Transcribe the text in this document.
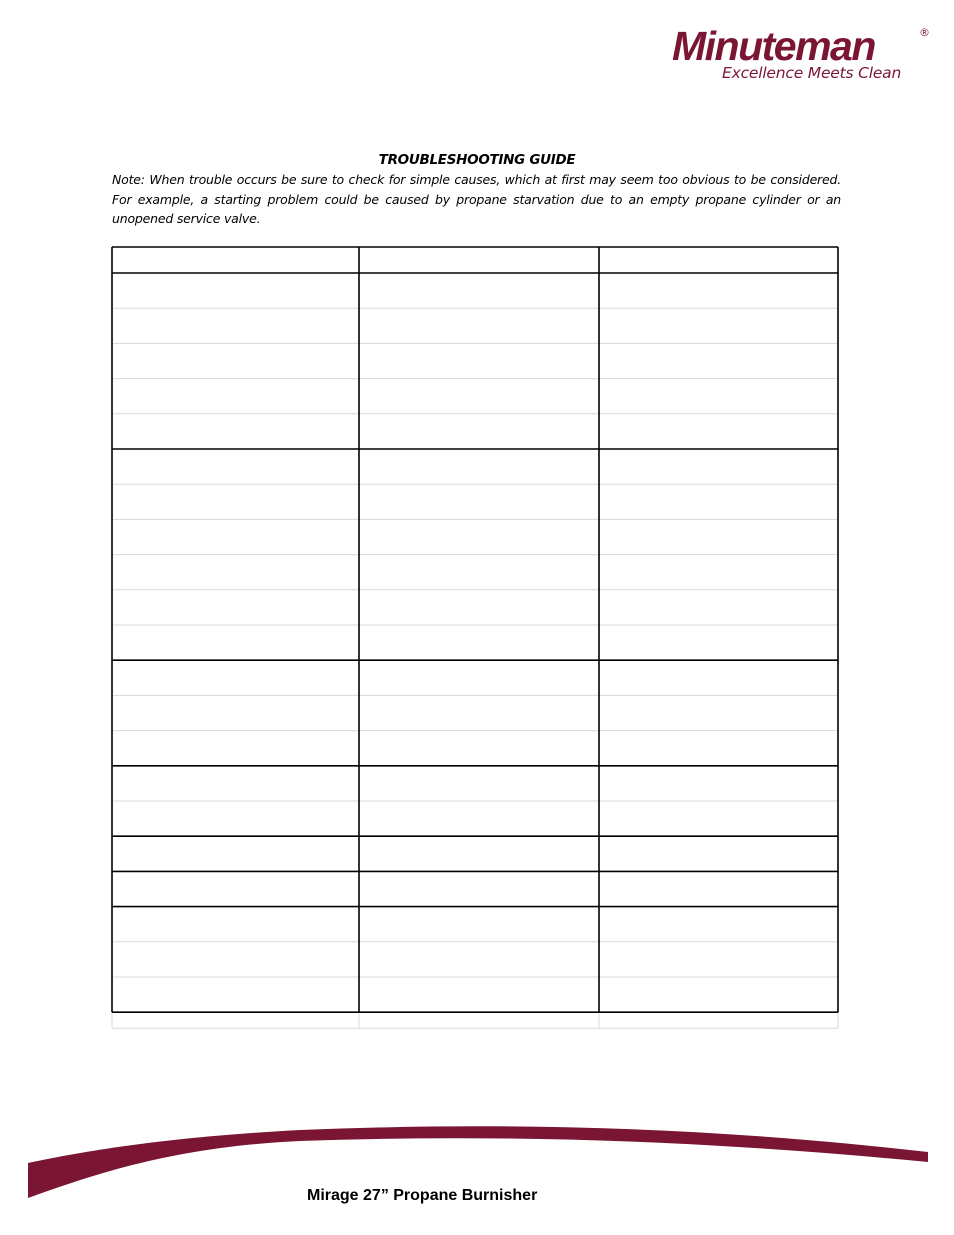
Minuteman	®
Excellence Meets Clean
TROUBLESHOOTING GUIDE
Note: When trouble occurs be sure to check for simple causes, which at first may seem too obvious to be considered. For example, a starting problem could be caused by propane starvation due to an empty propane cylinder or an unopened service valve.
Mirage 27” Propane Burnisher
